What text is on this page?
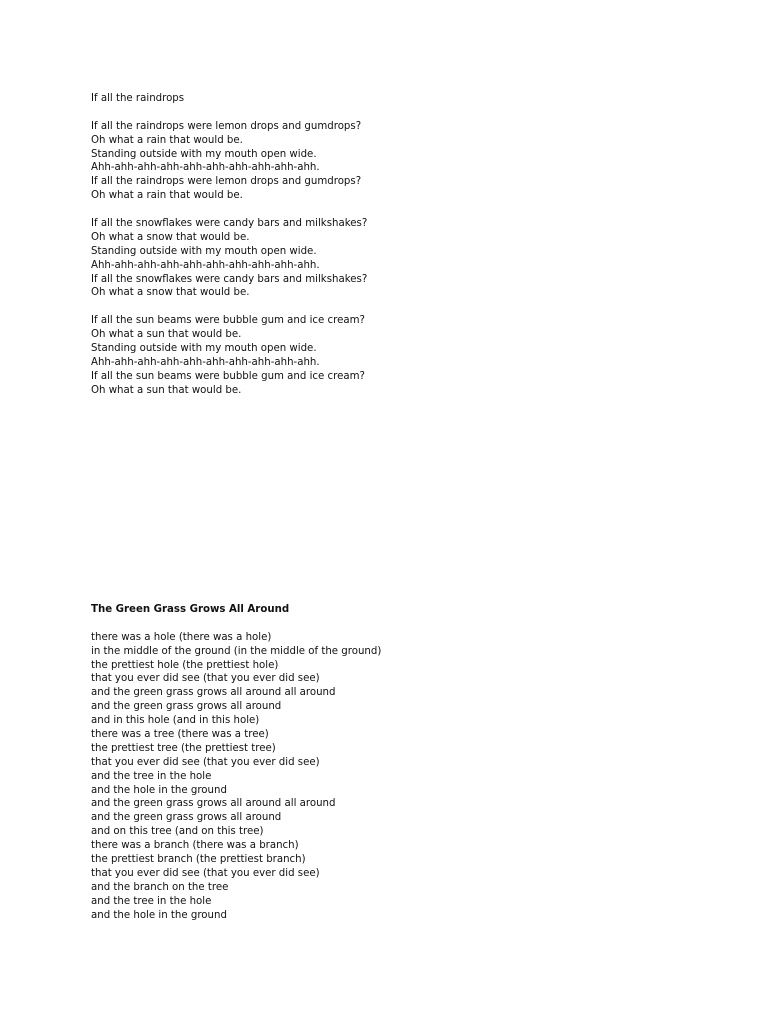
If all the raindrops
If all the raindrops were lemon drops and gumdrops?
Oh what a rain that would be.
Standing outside with my mouth open wide.
Ahh-ahh-ahh-ahh-ahh-ahh-ahh-ahh-ahh-ahh.
If all the raindrops were lemon drops and gumdrops?
Oh what a rain that would be.
If all the snowflakes were candy bars and milkshakes?
Oh what a snow that would be.
Standing outside with my mouth open wide.
Ahh-ahh-ahh-ahh-ahh-ahh-ahh-ahh-ahh-ahh.
If all the snowflakes were candy bars and milkshakes?
Oh what a snow that would be.
If all the sun beams were bubble gum and ice cream?
Oh what a sun that would be.
Standing outside with my mouth open wide.
Ahh-ahh-ahh-ahh-ahh-ahh-ahh-ahh-ahh-ahh.
If all the sun beams were bubble gum and ice cream?
Oh what a sun that would be.
The Green Grass Grows All Around
there was a hole (there was a hole)
in the middle of the ground (in the middle of the ground)
the prettiest hole (the prettiest hole)
that you ever did see (that you ever did see)
and the green grass grows all around all around
and the green grass grows all around
and in this hole (and in this hole)
there was a tree (there was a tree)
the prettiest tree (the prettiest tree)
that you ever did see (that you ever did see)
and the tree in the hole
and the hole in the ground
and the green grass grows all around all around
and the green grass grows all around
and on this tree (and on this tree)
there was a branch (there was a branch)
the prettiest branch (the prettiest branch)
that you ever did see (that you ever did see)
and the branch on the tree
and the tree in the hole
and the hole in the ground
